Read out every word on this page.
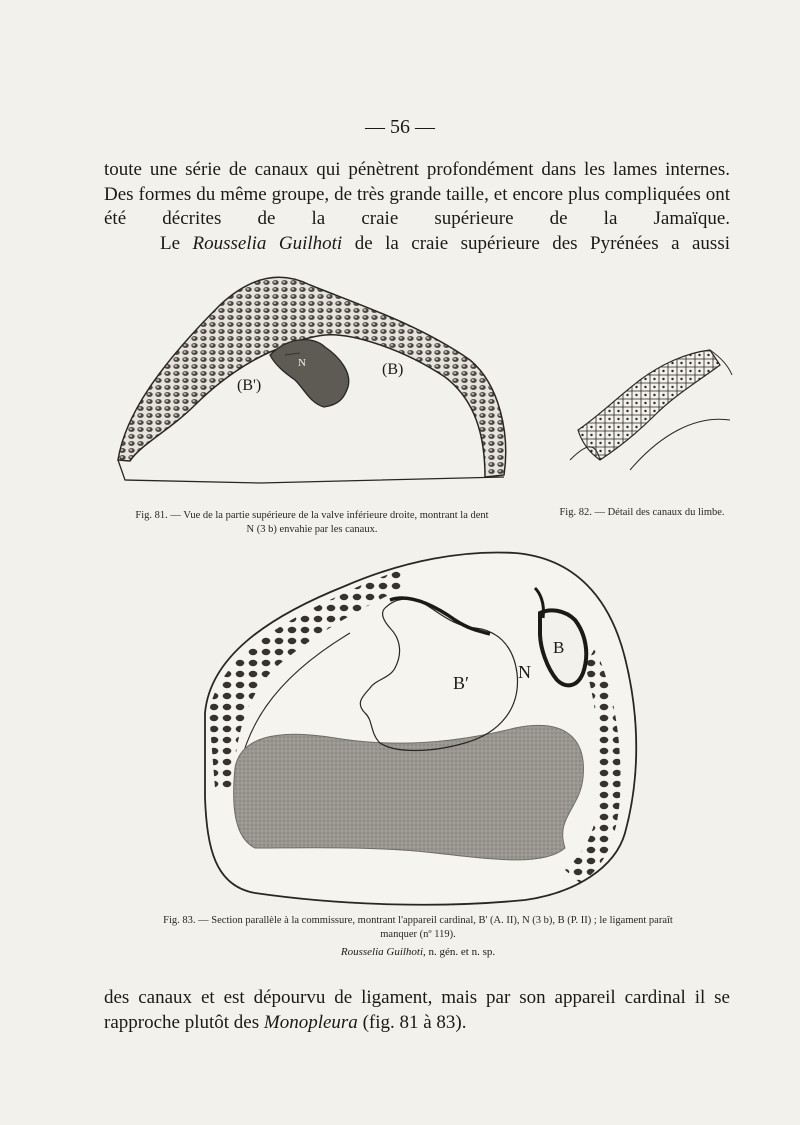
— 56 —

toute une série de canaux qui pénètrent profondément dans les lames internes. Des formes du même groupe, de très grande taille, et encore plus compliquées ont été décrites de la craie supérieure de la Jamaïque.

Le Rousselia Guilhoti de la craie supérieure des Pyrénées a aussi

(B')
(B)
N
Fig. 81. — Vue de la partie supérieure de la valve inférieure droite, montrant la dent
N (3 b) envahie par les canaux.
Fig. 82. — Détail des canaux du limbe.
B′
N
B
Fig. 83. — Section parallèle à la commissure, montrant l'appareil cardinal, B' (A. II), N (3 b), B (P. II) ; le ligament paraît
manquer (nº 119).
Rousselia Guilhoti, n. gén. et n. sp.

des canaux et est dépourvu de ligament, mais par son appareil cardinal il se rapproche plutôt des Monopleura (fig. 81 à 83).
